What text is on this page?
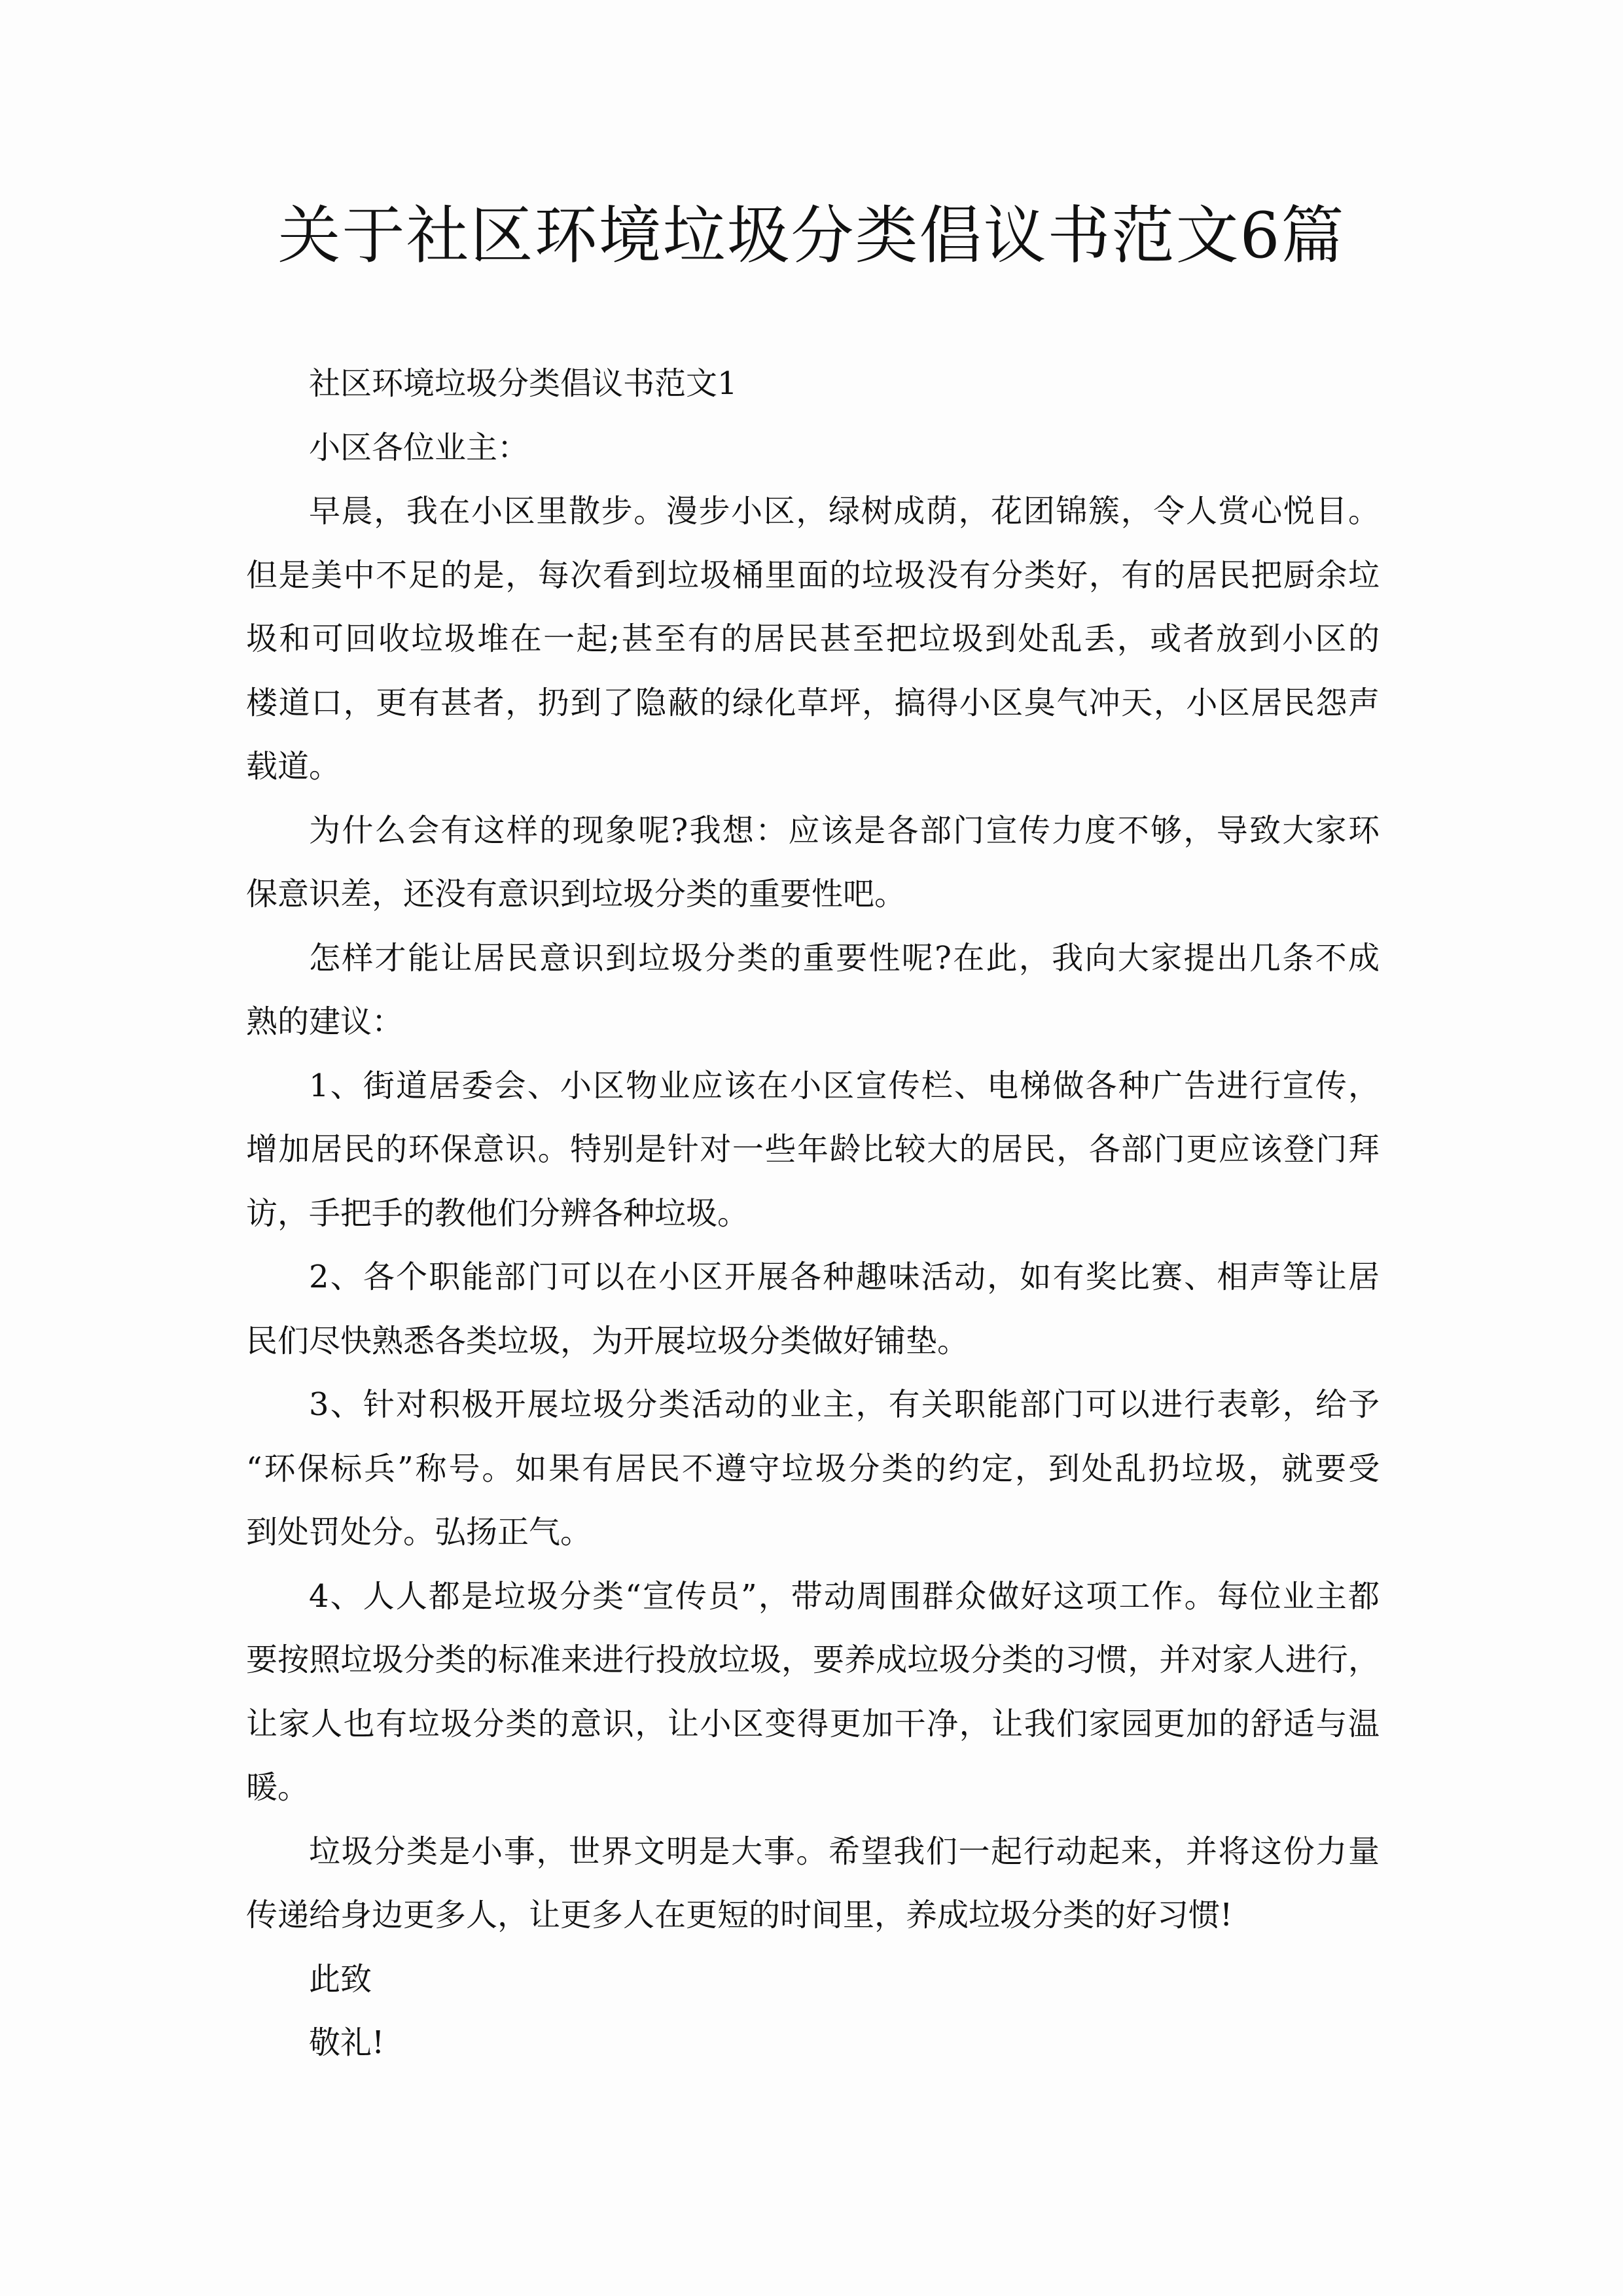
关于社区环境垃圾分类倡议书范文6篇
社区环境垃圾分类倡议书范文1
小区各位业主：
早晨，我在小区里散步。漫步小区，绿树成荫，花团锦簇，令人赏心悦目。
但是美中不足的是，每次看到垃圾桶里面的垃圾没有分类好，有的居民把厨余垃
圾和可回收垃圾堆在一起;甚至有的居民甚至把垃圾到处乱丢，或者放到小区的
楼道口，更有甚者，扔到了隐蔽的绿化草坪，搞得小区臭气冲天，小区居民怨声
载道。
为什么会有这样的现象呢?我想：应该是各部门宣传力度不够，导致大家环
保意识差，还没有意识到垃圾分类的重要性吧。
怎样才能让居民意识到垃圾分类的重要性呢?在此，我向大家提出几条不成
熟的建议：
1、街道居委会、小区物业应该在小区宣传栏、电梯做各种广告进行宣传，
增加居民的环保意识。特别是针对一些年龄比较大的居民，各部门更应该登门拜
访，手把手的教他们分辨各种垃圾。
2、各个职能部门可以在小区开展各种趣味活动，如有奖比赛、相声等让居
民们尽快熟悉各类垃圾，为开展垃圾分类做好铺垫。
3、针对积极开展垃圾分类活动的业主，有关职能部门可以进行表彰，给予
“环保标兵”称号。如果有居民不遵守垃圾分类的约定，到处乱扔垃圾，就要受
到处罚处分。弘扬正气。
4、人人都是垃圾分类“宣传员”，带动周围群众做好这项工作。每位业主都
要按照垃圾分类的标准来进行投放垃圾，要养成垃圾分类的习惯，并对家人进行，
让家人也有垃圾分类的意识，让小区变得更加干净，让我们家园更加的舒适与温
暖。
垃圾分类是小事，世界文明是大事。希望我们一起行动起来，并将这份力量
传递给身边更多人，让更多人在更短的时间里，养成垃圾分类的好习惯!
此致
敬礼!
